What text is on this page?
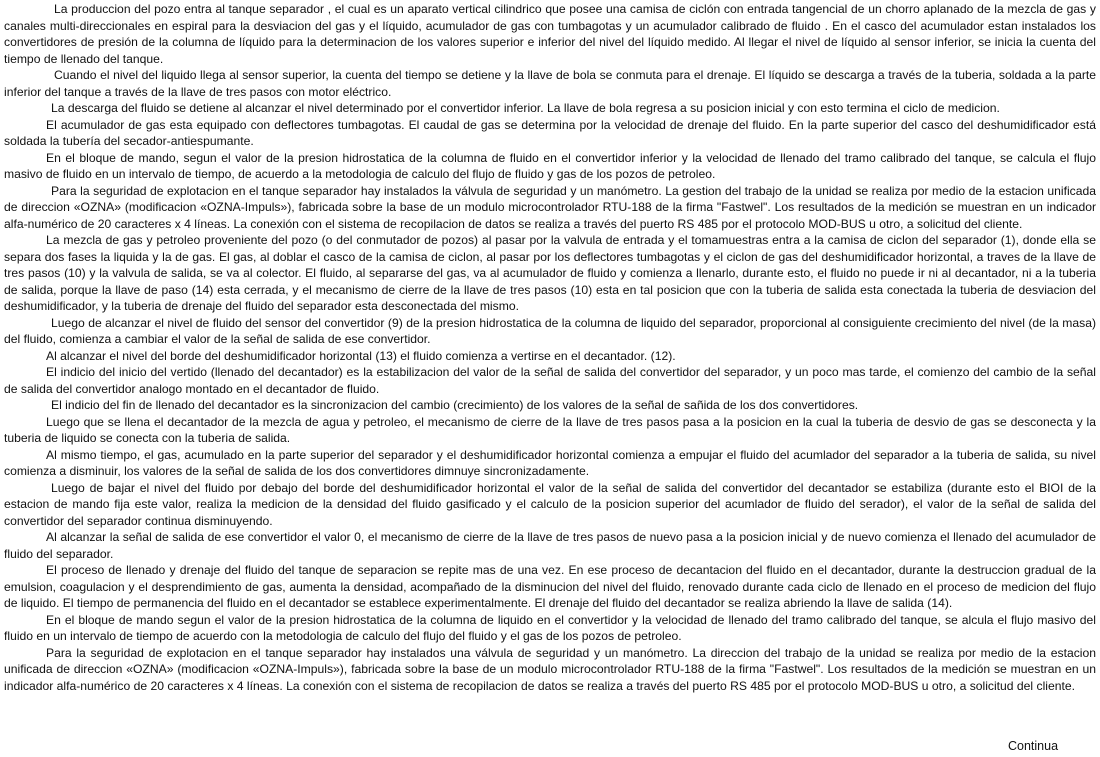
La produccion del pozo entra al tanque separador , el cual es un aparato vertical cilindrico que posee una camisa de ciclón con entrada tangencial de un chorro aplanado de la mezcla de gas y canales multi-direccionales en espiral para la desviacion del gas y el líquido, acumulador de gas con tumbagotas y un acumulador calibrado de fluido . En el casco del acumulador estan instalados los convertidores de presión de la columna de líquido para la determinacion de los valores superior e inferior del nivel del líquido medido. Al llegar el nivel de líquido al sensor inferior, se inicia la cuenta del tiempo de llenado del tanque.

Cuando el nivel del liquido llega al sensor superior, la cuenta del tiempo se detiene y la llave de bola se conmuta para el drenaje. El líquido se descarga a través de la tuberia, soldada a la parte inferior del tanque a través de la llave de tres pasos con motor eléctrico.

La descarga del fluido se detiene al alcanzar el nivel determinado por el convertidor inferior. La llave de bola regresa a su posicion inicial y con esto termina el ciclo de medicion.

El acumulador de gas esta equipado con deflectores tumbagotas. El caudal de gas se determina por la velocidad de drenaje del fluido. En la parte superior del casco del deshumidificador está soldada la tubería del secador-antiespumante.

En el bloque de mando, segun el valor de la presion hidrostatica de la columna de fluido en el convertidor inferior y la velocidad de llenado del tramo calibrado del tanque, se calcula el flujo masivo de fluido en un intervalo de tiempo, de acuerdo a la metodologia de calculo del flujo de fluido y gas de los pozos de petroleo.

Para la seguridad de explotacion en el tanque separador hay instalados la válvula de seguridad y un manómetro. La gestion del trabajo de la unidad se realiza por medio de la estacion unificada de direccion «OZNA» (modificacion «OZNA-Impuls»), fabricada sobre la base de un modulo microcontrolador RTU-188 de la firma "Fastwel". Los resultados de la medición se muestran en un indicador alfa-numérico de 20 caracteres x 4 líneas. La conexión con el sistema de recopilacion de datos se realiza a través del puerto RS 485 por el protocolo MOD-BUS u otro, a solicitud del cliente.

La mezcla de gas y petroleo proveniente del pozo (o del conmutador de pozos) al pasar por la valvula de entrada y el tomamuestras entra a la camisa de ciclon del separador (1), donde ella se separa dos fases la liquida y la de gas. El gas, al doblar el casco de la camisa de ciclon, al pasar por los deflectores tumbagotas y el ciclon de gas del deshumidificador horizontal, a traves de la llave de tres pasos (10) y la valvula de salida, se va al colector. El fluido, al separarse del gas, va al acumulador de fluido y comienza a llenarlo, durante esto, el fluido no puede ir ni al decantador, ni a la tuberia de salida, porque la llave de paso (14) esta cerrada, y el mecanismo de cierre de la llave de tres pasos (10) esta en tal posicion que con la tuberia de salida esta conectada la tuberia de desviacion del deshumidificador, y la tuberia de drenaje del fluido del separador esta desconectada del mismo.

Luego de alcanzar el nivel de fluido del sensor del convertidor (9) de la presion hidrostatica de la columna de liquido del separador, proporcional al consiguiente crecimiento del nivel (de la masa) del fluido, comienza a cambiar el valor de la señal de salida de ese convertidor.

Al alcanzar el nivel del borde del deshumidificador horizontal (13) el fluido comienza a vertirse en el decantador. (12).

El indicio del inicio del vertido (llenado del decantador) es la estabilizacion del valor de la señal de salida del convertidor del separador, y un poco mas tarde, el comienzo del cambio de la señal de salida del convertidor analogo montado en el decantador de fluido.

El indicio del fin de llenado del decantador es la sincronizacion del cambio (crecimiento) de los valores de la señal de sañida de los dos convertidores.

Luego que se llena el decantador de la mezcla de agua y petroleo, el mecanismo de cierre de la llave de tres pasos pasa a la posicion en la cual la tuberia de desvio de gas se desconecta y la tuberia de liquido se conecta con la tuberia de salida.

Al mismo tiempo, el gas, acumulado en la parte superior del separador y el deshumidificador horizontal comienza a empujar el fluido del acumlador del separador a la tuberia de salida, su nivel comienza a disminuir, los valores de la señal de salida de los dos convertidores dimnuye sincronizadamente.

Luego de bajar el nivel del fluido por debajo del borde del deshumidificador horizontal el valor de la señal de salida del convertidor del decantador se estabiliza (durante esto el BIOI de la estacion de mando fija este valor, realiza la medicion de la densidad del fluido gasificado y el calculo de la posicion superior del acumlador de fluido del serador), el valor de la señal de salida del convertidor del separador continua disminuyendo.

Al alcanzar la señal de salida de ese convertidor el valor 0, el mecanismo de cierre de la llave de tres pasos de nuevo pasa a la posicion inicial y de nuevo comienza el llenado del acumulador de fluido del separador.

El proceso de llenado y drenaje del fluido del tanque de separacion se repite mas de una vez. En ese proceso de decantacion del fluido en el decantador, durante la destruccion gradual de la emulsion, coagulacion y el desprendimiento de gas, aumenta la densidad, acompañado de la disminucion del nivel del fluido, renovado durante cada ciclo de llenado en el proceso de medicion del flujo de liquido. El tiempo de permanencia del fluido en el decantador se establece experimentalmente. El drenaje del fluido del decantador se realiza abriendo la llave de salida (14).

En el bloque de mando segun el valor de la presion hidrostatica de la columna de liquido en el convertidor y la velocidad de llenado del tramo calibrado del tanque, se alcula el flujo masivo del fluido en un intervalo de tiempo de acuerdo con la metodologia de calculo del flujo del fluido y el gas de los pozos de petroleo.

Para la seguridad de explotacion en el tanque separador hay instalados una válvula de seguridad y un manómetro. La direccion del trabajo de la unidad se realiza por medio de la estacion unificada de direccion «OZNA» (modificacion «OZNA-Impuls»), fabricada sobre la base de un modulo microcontrolador RTU-188 de la firma "Fastwel". Los resultados de la medición se muestran en un indicador alfa-numérico de 20 caracteres x 4 líneas. La conexión con el sistema de recopilacion de datos se realiza a través del puerto RS 485 por el protocolo MOD-BUS u otro, a solicitud del cliente.

Continua
